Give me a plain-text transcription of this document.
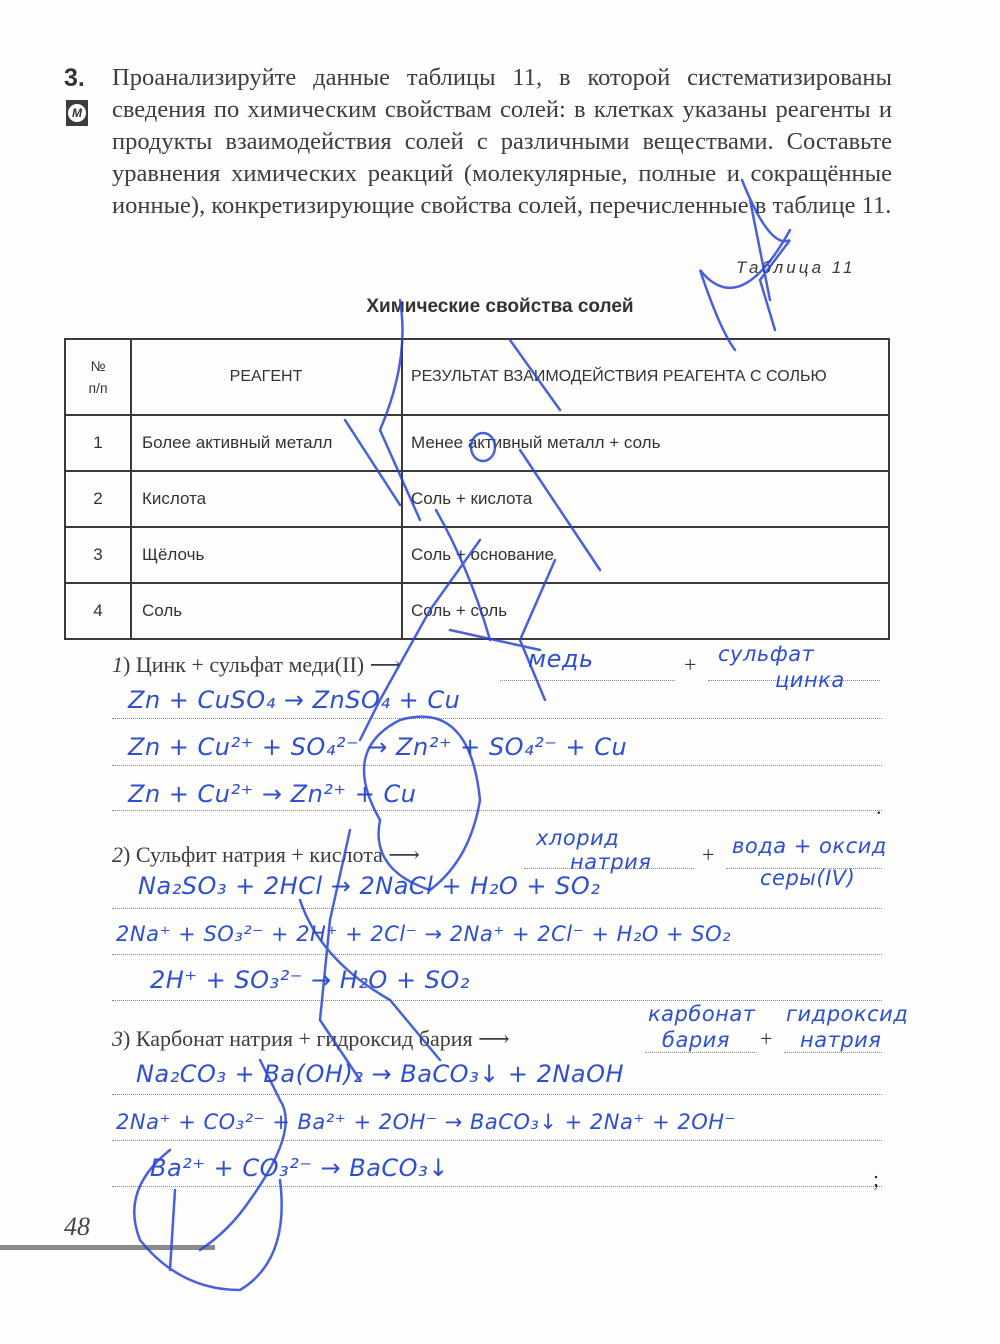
3.
М

Проанализируйте данные таблицы 11, в которой систематизированы сведения по химическим свойствам солей: в клетках указаны реагенты и продукты взаимодействия солей с различными веществами. Составьте уравнения химических реакций (молекулярные, полные и сокращённые ионные), конкретизирующие свойства солей, перечисленные в таблице 11.

Таблица 11
Химические свойства солей
№
п/п	РЕАГЕНТ	РЕЗУЛЬТАТ ВЗАИМОДЕЙСТВИЯ РЕАГЕНТА С СОЛЬЮ
1	Более активный металл	Менее активный металл + соль
2	Кислота	Соль + кислота
3	Щёлочь	Соль + основание
4	Соль	Соль + соль
1) Цинк + сульфат меди(II) ⟶	+
медь	сульфат
цинка
.
Zn + CuSO₄ → ZnSO₄ + Cu
Zn + Cu²⁺ + SO₄²⁻ → Zn²⁺ + SO₄²⁻ + Cu
Zn + Cu²⁺ → Zn²⁺ + Cu
2) Сульфит натрия + кислота ⟶	+
хлорид
натрия
вода + оксид
серы(IV)
Na₂SO₃ + 2HCl → 2NaCl + H₂O + SO₂
2Na⁺ + SO₃²⁻ + 2H⁺ + 2Cl⁻ → 2Na⁺ + 2Cl⁻ + H₂O + SO₂
2H⁺ + SO₃²⁻ → H₂O + SO₂
3) Карбонат натрия + гидроксид бария ⟶	+
карбонат
бария
гидроксид
натрия
;
Na₂CO₃ + Ba(OH)₂ → BaCO₃↓ + 2NaOH
2Na⁺ + CO₃²⁻ + Ba²⁺ + 2OH⁻ → BaCO₃↓ + 2Na⁺ + 2OH⁻
Ba²⁺ + CO₃²⁻ → BaCO₃↓
48
